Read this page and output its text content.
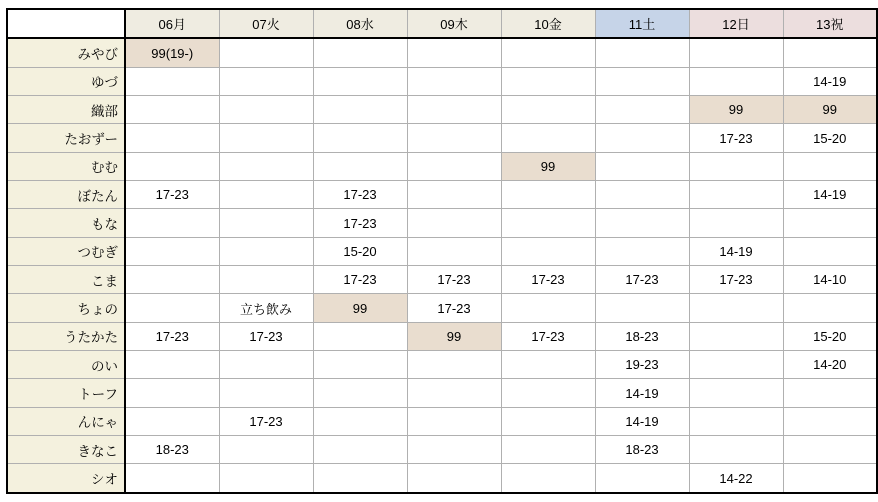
	06月	07火	08水	09木	10金	11土	12日	13祝
みやび	99(19-)							
ゆづ								14-19
織部							99	99
たおずー							17-23	15-20
むむ					99			
ぼたん	17-23		17-23					14-19
もな			17-23					
つむぎ			15-20				14-19	
こま			17-23	17-23	17-23	17-23	17-23	14-10
ちょの		立ち飲み	99	17-23				
うたかた	17-23	17-23		99	17-23	18-23		15-20
のい						19-23		14-20
トーフ						14-19		
んにゃ		17-23				14-19		
きなこ	18-23					18-23		
シオ							14-22	
